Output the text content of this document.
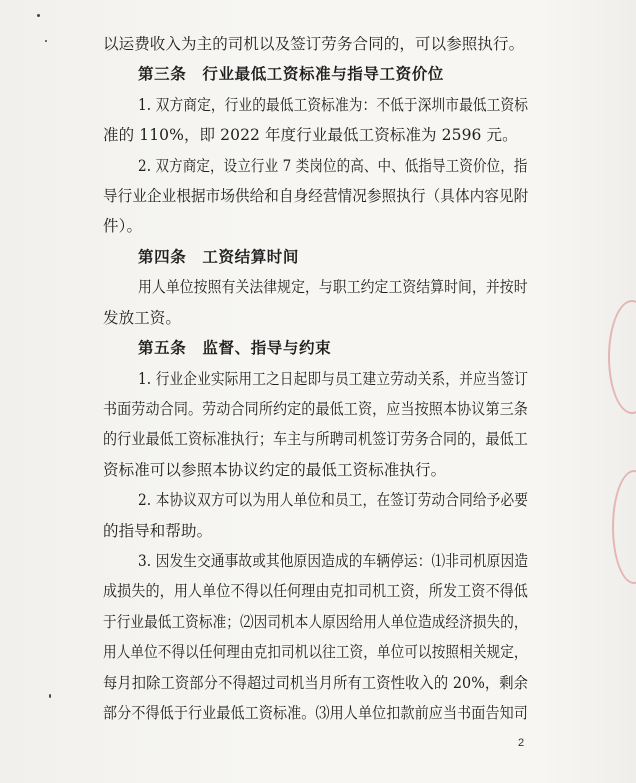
以运费收入为主的司机以及签订劳务合同的，可以参照执行。
第三条　行业最低工资标准与指导工资价位
1. 双方商定，行业的最低工资标准为：不低于深圳市最低工资标
准的 110%，即 2022 年度行业最低工资标准为 2596 元。
2. 双方商定，设立行业 7 类岗位的高、中、低指导工资价位，指
导行业企业根据市场供给和自身经营情况参照执行（具体内容见附
件）。
第四条　工资结算时间
用人单位按照有关法律规定，与职工约定工资结算时间，并按时
发放工资。
第五条　监督、指导与约束
1. 行业企业实际用工之日起即与员工建立劳动关系，并应当签订
书面劳动合同。劳动合同所约定的最低工资，应当按照本协议第三条
的行业最低工资标准执行；车主与所聘司机签订劳务合同的，最低工
资标准可以参照本协议约定的最低工资标准执行。
2. 本协议双方可以为用人单位和员工，在签订劳动合同给予必要
的指导和帮助。
3. 因发生交通事故或其他原因造成的车辆停运：⑴非司机原因造
成损失的，用人单位不得以任何理由克扣司机工资，所发工资不得低
于行业最低工资标准；⑵因司机本人原因给用人单位造成经济损失的，
用人单位不得以任何理由克扣司机以往工资，单位可以按照相关规定，
每月扣除工资部分不得超过司机当月所有工资性收入的 20%，剩余
部分不得低于行业最低工资标准。⑶用人单位扣款前应当书面告知司
2
